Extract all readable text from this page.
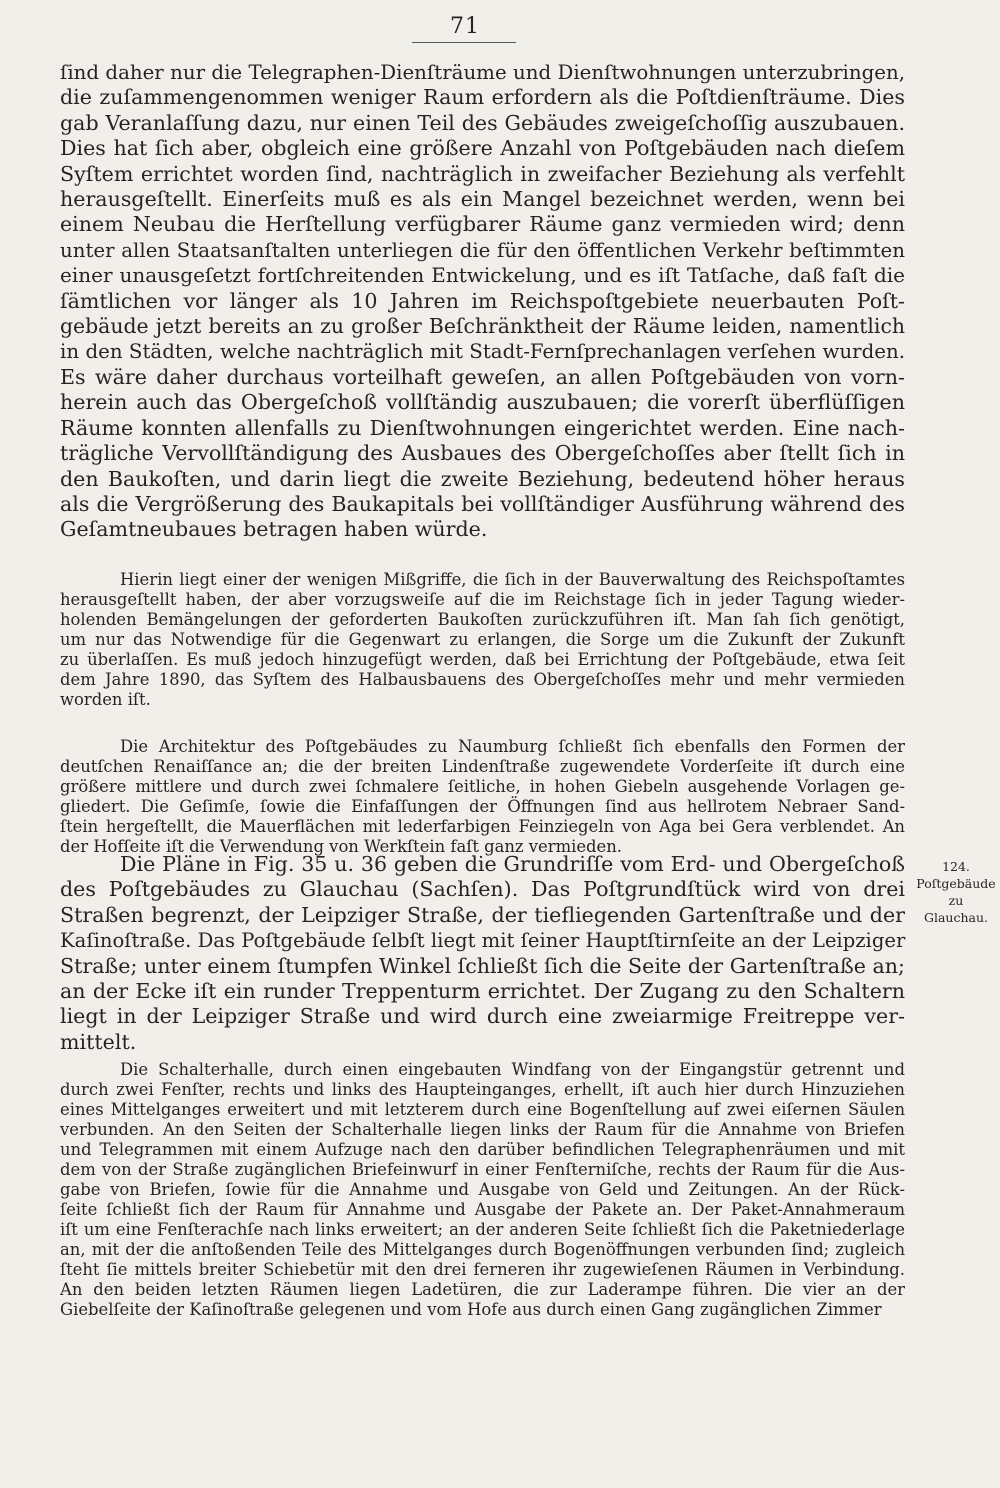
71
ſind daher nur die Telegraphen-Dienſträume und Dienſtwohnungen unterzubringen,
die zuſammengenommen weniger Raum erfordern als die Poſtdienſträume. Dies
gab Veranlaſſung dazu, nur einen Teil des Gebäudes zweigeſchoſſig auszubauen.
Dies hat ſich aber, obgleich eine größere Anzahl von Poſtgebäuden nach dieſem
Syſtem errichtet worden ſind, nachträglich in zweifacher Beziehung als verfehlt
herausgeſtellt. Einerſeits muß es als ein Mangel bezeichnet werden, wenn bei
einem Neubau die Herſtellung verfügbarer Räume ganz vermieden wird; denn
unter allen Staatsanſtalten unterliegen die für den öffentlichen Verkehr beſtimmten
einer unausgeſetzt fortſchreitenden Entwickelung, und es iſt Tatſache, daß faſt die
ſämtlichen vor länger als 10 Jahren im Reichspoſtgebiete neuerbauten Poſt-
gebäude jetzt bereits an zu großer Beſchränktheit der Räume leiden, namentlich
in den Städten, welche nachträglich mit Stadt-Fernſprechanlagen verſehen wurden.
Es wäre daher durchaus vorteilhaft geweſen, an allen Poſtgebäuden von vorn-
herein auch das Obergeſchoß vollſtändig auszubauen; die vorerſt überflüſſigen
Räume konnten allenfalls zu Dienſtwohnungen eingerichtet werden. Eine nach-
trägliche Vervollſtändigung des Ausbaues des Obergeſchoſſes aber ſtellt ſich in
den Baukoſten, und darin liegt die zweite Beziehung, bedeutend höher heraus
als die Vergrößerung des Baukapitals bei vollſtändiger Ausführung während des
Geſamtneubaues betragen haben würde.
Hierin liegt einer der wenigen Mißgriffe, die ſich in der Bauverwaltung des Reichspoſtamtes
herausgeſtellt haben, der aber vorzugsweiſe auf die im Reichstage ſich in jeder Tagung wieder-
holenden Bemängelungen der geforderten Baukoſten zurückzuführen iſt. Man ſah ſich genötigt,
um nur das Notwendige für die Gegenwart zu erlangen, die Sorge um die Zukunft der Zukunft
zu überlaſſen. Es muß jedoch hinzugefügt werden, daß bei Errichtung der Poſtgebäude, etwa ſeit
dem Jahre 1890, das Syſtem des Halbausbauens des Obergeſchoſſes mehr und mehr vermieden
worden iſt.
Die Architektur des Poſtgebäudes zu Naumburg ſchließt ſich ebenfalls den Formen der
deutſchen Renaiſſance an; die der breiten Lindenſtraße zugewendete Vorderſeite iſt durch eine
größere mittlere und durch zwei ſchmalere ſeitliche, in hohen Giebeln ausgehende Vorlagen ge-
gliedert. Die Geſimſe, ſowie die Einfaſſungen der Öffnungen ſind aus hellrotem Nebraer Sand-
ſtein hergeſtellt, die Mauerflächen mit lederfarbigen Feinziegeln von Aga bei Gera verblendet. An
der Hofſeite iſt die Verwendung von Werkſtein faſt ganz vermieden.
Die Pläne in Fig. 35 u. 36 geben die Grundriſſe vom Erd- und Obergeſchoß
des Poſtgebäudes zu Glauchau (Sachſen). Das Poſtgrundſtück wird von drei
Straßen begrenzt, der Leipziger Straße, der tiefliegenden Gartenſtraße und der
Kaſinoſtraße. Das Poſtgebäude ſelbſt liegt mit ſeiner Hauptſtirnſeite an der Leipziger
Straße; unter einem ſtumpfen Winkel ſchließt ſich die Seite der Gartenſtraße an;
an der Ecke iſt ein runder Treppenturm errichtet. Der Zugang zu den Schaltern
liegt in der Leipziger Straße und wird durch eine zweiarmige Freitreppe ver-
mittelt.
Die Schalterhalle, durch einen eingebauten Windfang von der Eingangstür getrennt und
durch zwei Fenſter, rechts und links des Haupteinganges, erhellt, iſt auch hier durch Hinzuziehen
eines Mittelganges erweitert und mit letzterem durch eine Bogenſtellung auf zwei eiſernen Säulen
verbunden. An den Seiten der Schalterhalle liegen links der Raum für die Annahme von Briefen
und Telegrammen mit einem Aufzuge nach den darüber befindlichen Telegraphenräumen und mit
dem von der Straße zugänglichen Briefeinwurf in einer Fenſterniſche, rechts der Raum für die Aus-
gabe von Briefen, ſowie für die Annahme und Ausgabe von Geld und Zeitungen. An der Rück-
ſeite ſchließt ſich der Raum für Annahme und Ausgabe der Pakete an. Der Paket-Annahmeraum
iſt um eine Fenſterachſe nach links erweitert; an der anderen Seite ſchließt ſich die Paketniederlage
an, mit der die anſtoßenden Teile des Mittelganges durch Bogenöffnungen verbunden ſind; zugleich
ſteht ſie mittels breiter Schiebetür mit den drei ferneren ihr zugewieſenen Räumen in Verbindung.
An den beiden letzten Räumen liegen Ladetüren, die zur Laderampe führen. Die vier an der
Giebelſeite der Kaſinoſtraße gelegenen und vom Hofe aus durch einen Gang zugänglichen Zimmer
124.
Poſtgebäude
zu
Glauchau.
